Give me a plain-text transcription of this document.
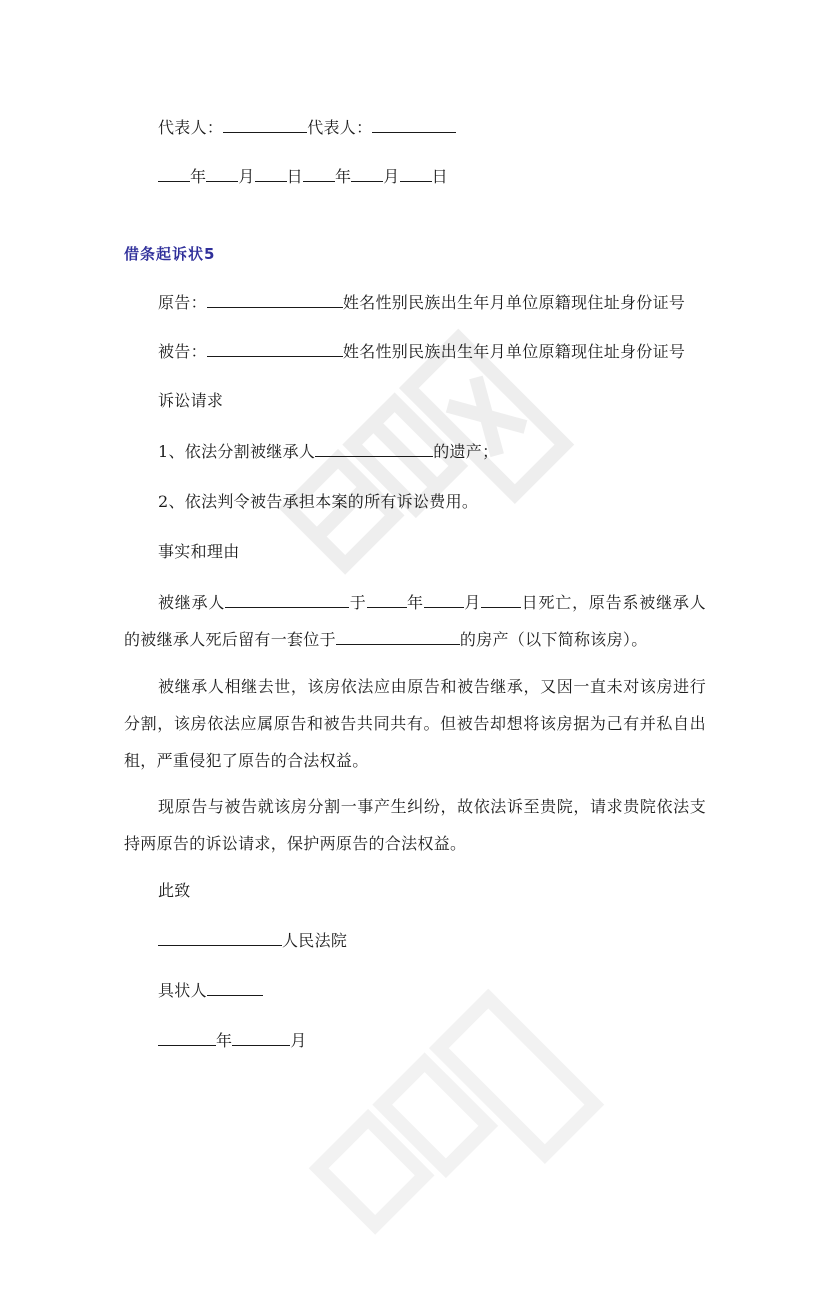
代表人：	代表人：
年 月 日 年 月 日
借条起诉状5
原告：	姓名性别民族出生年月单位原籍现住址身份证号
被告：	姓名性别民族出生年月单位原籍现住址身份证号
诉讼请求
1、依法分割被继承人	的遗产；
2、依法判令被告承担本案的所有诉讼费用。
事实和理由
被继承人	于	年	月	日死亡，原告系被继承人的被继承人死后留有一套位于	的房产（以下简称该房）。
被继承人相继去世，该房依法应由原告和被告继承，又因一直未对该房进行分割，该房依法应属原告和被告共同共有。但被告却想将该房据为己有并私自出租，严重侵犯了原告的合法权益。
现原告与被告就该房分割一事产生纠纷，故依法诉至贵院，请求贵院依法支持两原告的诉讼请求，保护两原告的合法权益。
此致
人民法院
具状人
年	月
